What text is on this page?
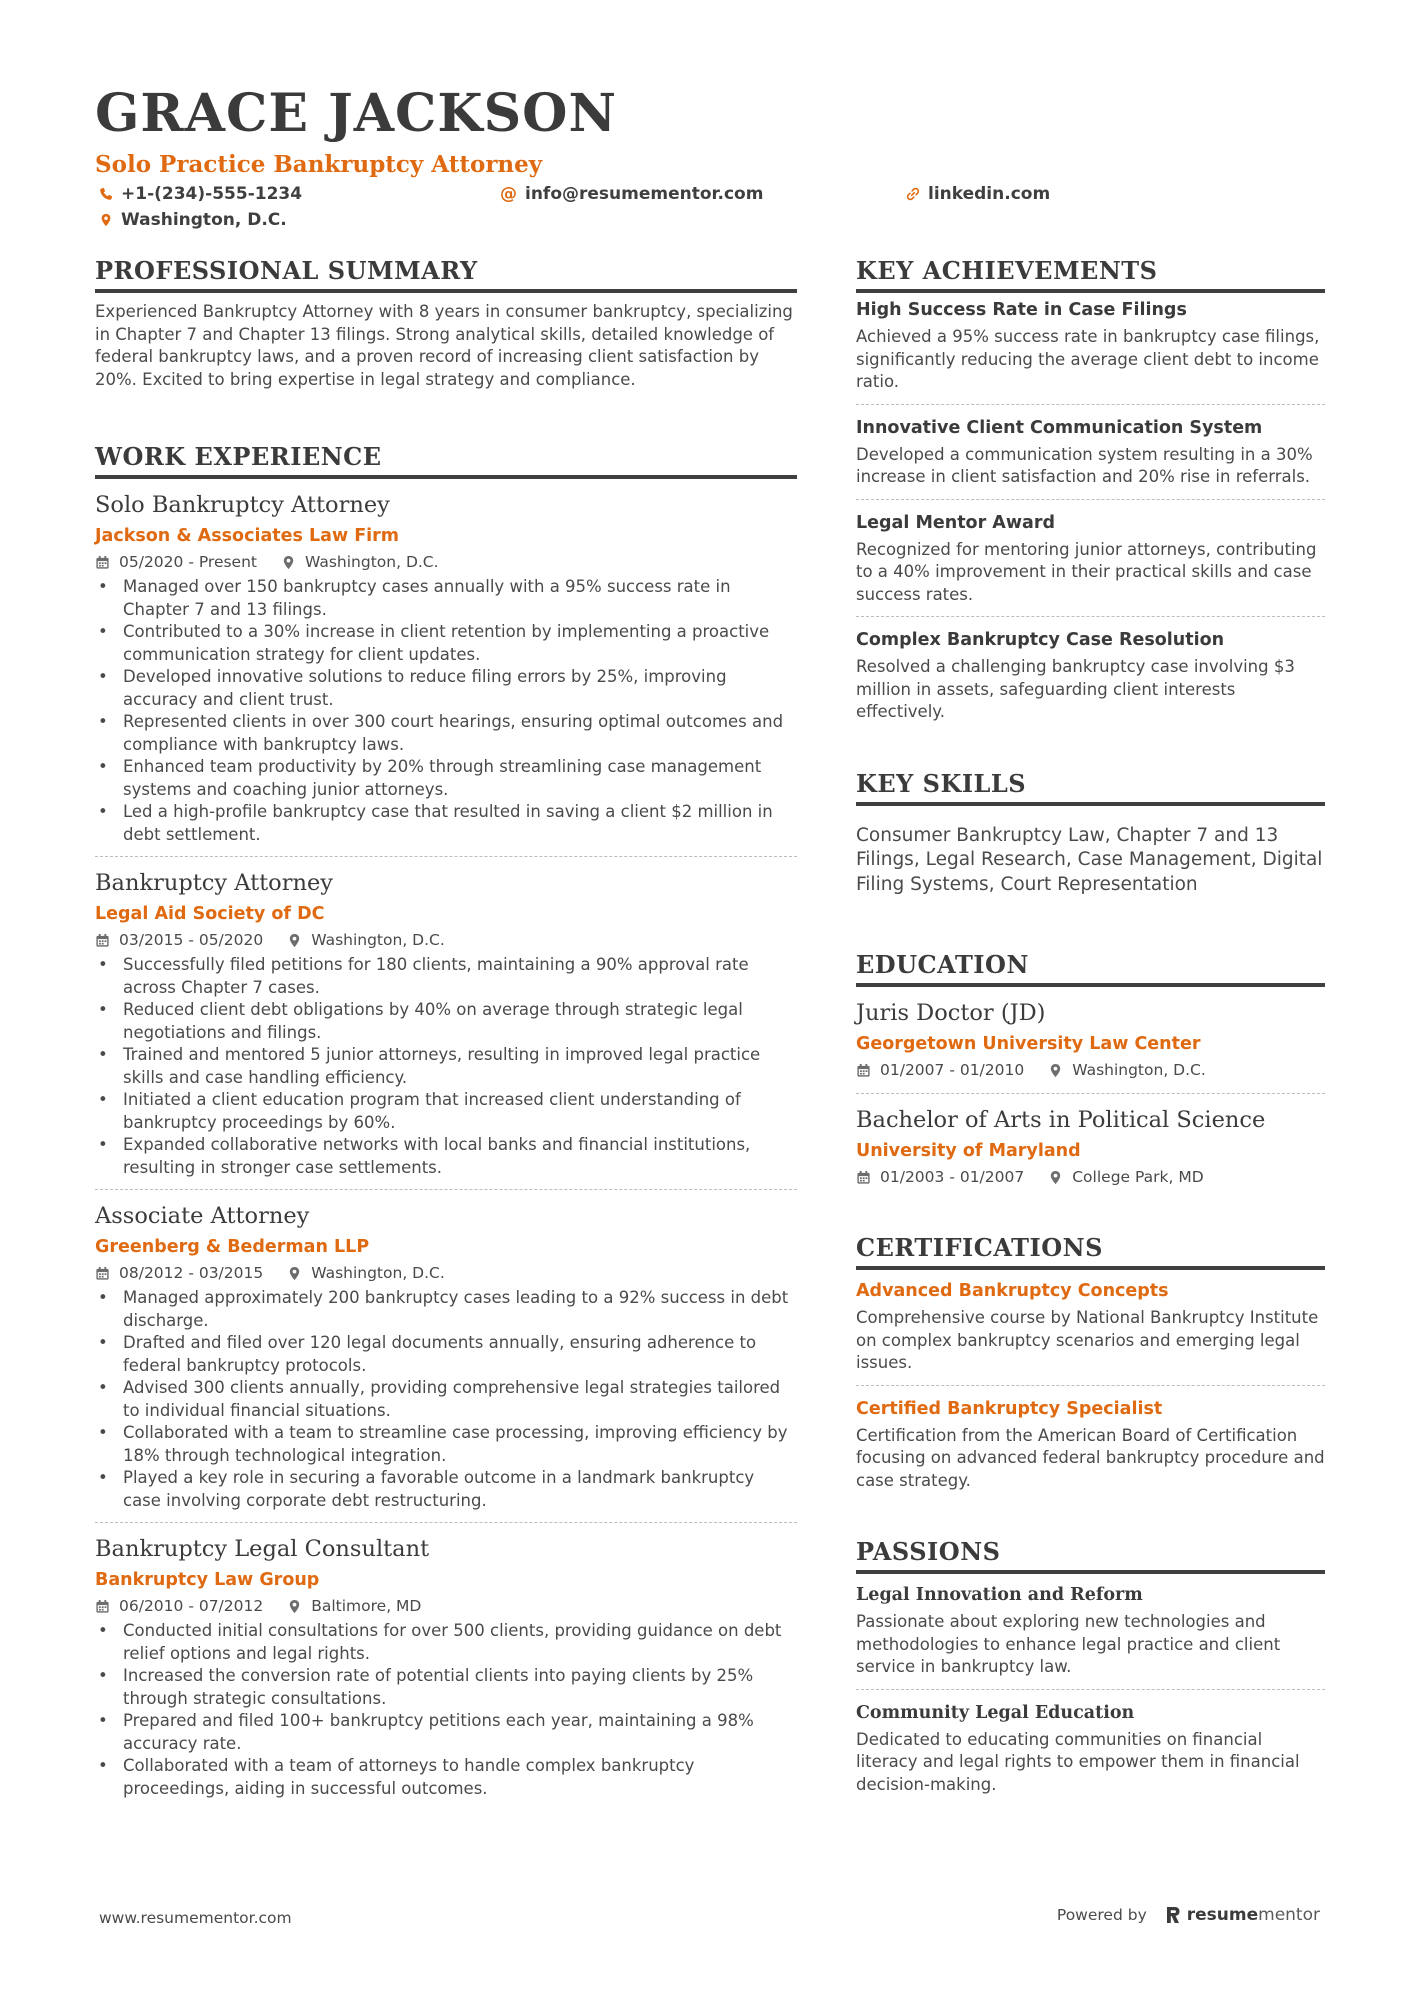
GRACE JACKSON
Solo Practice Bankruptcy Attorney
+1-(234)-555-1234	@ info@resumementor.com	linkedin.com
Washington, D.C.
PROFESSIONAL SUMMARY
Experienced Bankruptcy Attorney with 8 years in consumer bankruptcy, specializing in Chapter 7 and Chapter 13 filings. Strong analytical skills, detailed knowledge of federal bankruptcy laws, and a proven record of increasing client satisfaction by 20%. Excited to bring expertise in legal strategy and compliance.
WORK EXPERIENCE
Solo Bankruptcy Attorney
Jackson & Associates Law Firm
05/2020 - Present	Washington, D.C.
• Managed over 150 bankruptcy cases annually with a 95% success rate in Chapter 7 and 13 filings.
• Contributed to a 30% increase in client retention by implementing a proactive communication strategy for client updates.
• Developed innovative solutions to reduce filing errors by 25%, improving accuracy and client trust.
• Represented clients in over 300 court hearings, ensuring optimal outcomes and compliance with bankruptcy laws.
• Enhanced team productivity by 20% through streamlining case management systems and coaching junior attorneys.
• Led a high-profile bankruptcy case that resulted in saving a client $2 million in debt settlement.
Bankruptcy Attorney
Legal Aid Society of DC
03/2015 - 05/2020	Washington, D.C.
• Successfully filed petitions for 180 clients, maintaining a 90% approval rate across Chapter 7 cases.
• Reduced client debt obligations by 40% on average through strategic legal negotiations and filings.
• Trained and mentored 5 junior attorneys, resulting in improved legal practice skills and case handling efficiency.
• Initiated a client education program that increased client understanding of bankruptcy proceedings by 60%.
• Expanded collaborative networks with local banks and financial institutions, resulting in stronger case settlements.
Associate Attorney
Greenberg & Bederman LLP
08/2012 - 03/2015	Washington, D.C.
• Managed approximately 200 bankruptcy cases leading to a 92% success in debt discharge.
• Drafted and filed over 120 legal documents annually, ensuring adherence to federal bankruptcy protocols.
• Advised 300 clients annually, providing comprehensive legal strategies tailored to individual financial situations.
• Collaborated with a team to streamline case processing, improving efficiency by 18% through technological integration.
• Played a key role in securing a favorable outcome in a landmark bankruptcy case involving corporate debt restructuring.
Bankruptcy Legal Consultant
Bankruptcy Law Group
06/2010 - 07/2012	Baltimore, MD
• Conducted initial consultations for over 500 clients, providing guidance on debt relief options and legal rights.
• Increased the conversion rate of potential clients into paying clients by 25% through strategic consultations.
• Prepared and filed 100+ bankruptcy petitions each year, maintaining a 98% accuracy rate.
• Collaborated with a team of attorneys to handle complex bankruptcy proceedings, aiding in successful outcomes.
KEY ACHIEVEMENTS
High Success Rate in Case Filings
Achieved a 95% success rate in bankruptcy case filings, significantly reducing the average client debt to income ratio.
Innovative Client Communication System
Developed a communication system resulting in a 30% increase in client satisfaction and 20% rise in referrals.
Legal Mentor Award
Recognized for mentoring junior attorneys, contributing to a 40% improvement in their practical skills and case success rates.
Complex Bankruptcy Case Resolution
Resolved a challenging bankruptcy case involving $3 million in assets, safeguarding client interests effectively.
KEY SKILLS
Consumer Bankruptcy Law, Chapter 7 and 13 Filings, Legal Research, Case Management, Digital Filing Systems, Court Representation
EDUCATION
Juris Doctor (JD)
Georgetown University Law Center
01/2007 - 01/2010	Washington, D.C.
Bachelor of Arts in Political Science
University of Maryland
01/2003 - 01/2007	College Park, MD
CERTIFICATIONS
Advanced Bankruptcy Concepts
Comprehensive course by National Bankruptcy Institute on complex bankruptcy scenarios and emerging legal issues.
Certified Bankruptcy Specialist
Certification from the American Board of Certification focusing on advanced federal bankruptcy procedure and case strategy.
PASSIONS
Legal Innovation and Reform
Passionate about exploring new technologies and methodologies to enhance legal practice and client service in bankruptcy law.
Community Legal Education
Dedicated to educating communities on financial literacy and legal rights to empower them in financial decision-making.
www.resumementor.com	Powered by resumementor
